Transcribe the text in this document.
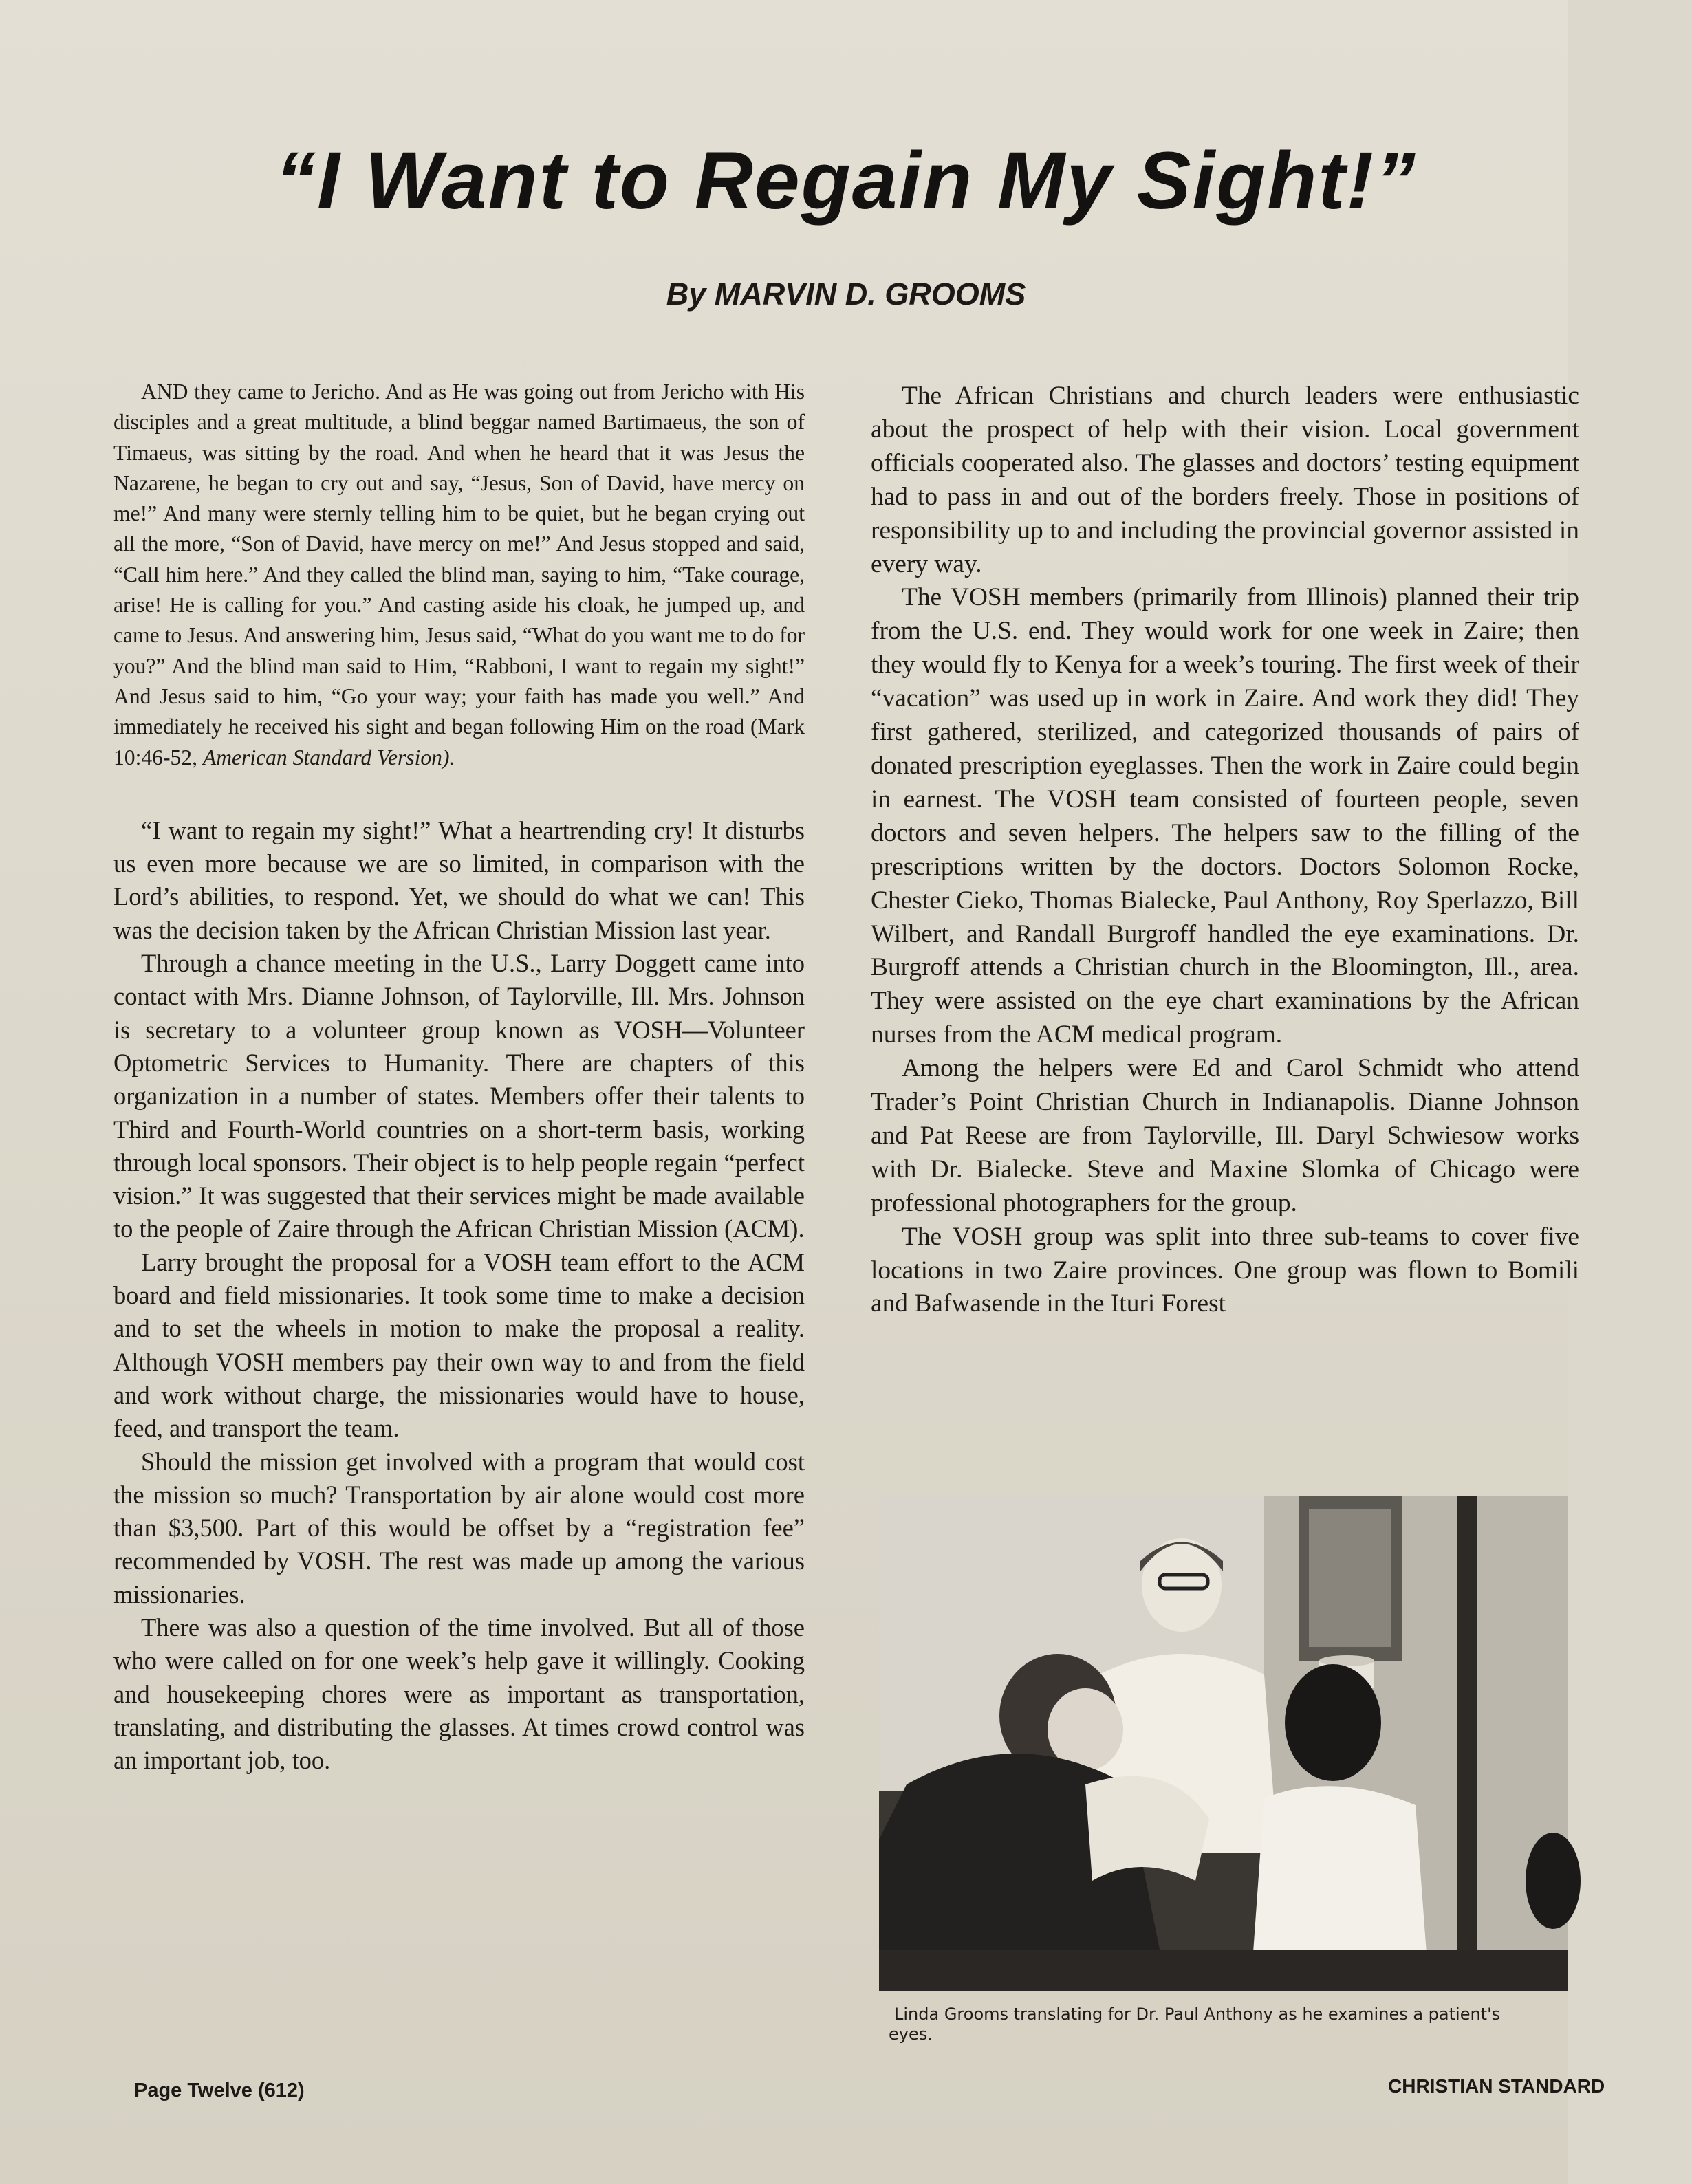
“I Want to Regain My Sight!”
By MARVIN D. GROOMS

AND they came to Jericho. And as He was going out from Jericho with His disciples and a great multitude, a blind beggar named Bartimaeus, the son of Timaeus, was sitting by the road. And when he heard that it was Jesus the Nazarene, he began to cry out and say, “Jesus, Son of David, have mercy on me!” And many were sternly telling him to be quiet, but he began crying out all the more, “Son of David, have mercy on me!” And Jesus stopped and said, “Call him here.” And they called the blind man, saying to him, “Take courage, arise! He is calling for you.” And casting aside his cloak, he jumped up, and came to Jesus. And answering him, Jesus said, “What do you want me to do for you?” And the blind man said to Him, “Rabboni, I want to regain my sight!” And Jesus said to him, “Go your way; your faith has made you well.” And immediately he received his sight and began following Him on the road (Mark 10:46-52, American Standard Version).

“I want to regain my sight!” What a heartrending cry! It disturbs us even more because we are so limited, in comparison with the Lord’s abilities, to respond. Yet, we should do what we can! This was the decision taken by the African Christian Mission last year.

Through a chance meeting in the U.S., Larry Doggett came into contact with Mrs. Dianne Johnson, of Taylorville, Ill. Mrs. Johnson is secretary to a volunteer group known as VOSH—Volunteer Optometric Services to Humanity. There are chapters of this organization in a number of states. Members offer their talents to Third and Fourth-World countries on a short-term basis, working through local sponsors. Their object is to help people regain “perfect vision.” It was suggested that their services might be made available to the people of Zaire through the African Christian Mission (ACM).

Larry brought the proposal for a VOSH team effort to the ACM board and field missionaries. It took some time to make a decision and to set the wheels in motion to make the proposal a reality. Although VOSH members pay their own way to and from the field and work without charge, the missionaries would have to house, feed, and transport the team.

Should the mission get involved with a program that would cost the mission so much? Transportation by air alone would cost more than $3,500. Part of this would be offset by a “registration fee” recommended by VOSH. The rest was made up among the various missionaries.

There was also a question of the time involved. But all of those who were called on for one week’s help gave it willingly. Cooking and housekeeping chores were as important as transportation, translating, and distributing the glasses. At times crowd control was an important job, too.

The African Christians and church leaders were enthusiastic about the prospect of help with their vision. Local government officials cooperated also. The glasses and doctors’ testing equipment had to pass in and out of the borders freely. Those in positions of responsibility up to and including the provincial governor assisted in every way.

The VOSH members (primarily from Illinois) planned their trip from the U.S. end. They would work for one week in Zaire; then they would fly to Kenya for a week’s touring. The first week of their “vacation” was used up in work in Zaire. And work they did! They first gathered, sterilized, and categorized thousands of pairs of donated prescription eyeglasses. Then the work in Zaire could begin in earnest. The VOSH team consisted of fourteen people, seven doctors and seven helpers. The helpers saw to the filling of the prescriptions written by the doctors. Doctors Solomon Rocke, Chester Cieko, Thomas Bialecke, Paul Anthony, Roy Sperlazzo, Bill Wilbert, and Randall Burgroff handled the eye examinations. Dr. Burgroff attends a Christian church in the Bloomington, Ill., area. They were assisted on the eye chart examinations by the African nurses from the ACM medical program.

Among the helpers were Ed and Carol Schmidt who attend Trader’s Point Christian Church in Indianapolis. Dianne Johnson and Pat Reese are from Taylorville, Ill. Daryl Schwiesow works with Dr. Bialecke. Steve and Maxine Slomka of Chicago were professional photographers for the group.

The VOSH group was split into three sub-teams to cover five locations in two Zaire provinces. One group was flown to Bomili and Bafwasende in the Ituri Forest

Linda Grooms translating for Dr. Paul Anthony as he examines a patient's
eyes.
Page Twelve (612)	CHRISTIAN STANDARD
